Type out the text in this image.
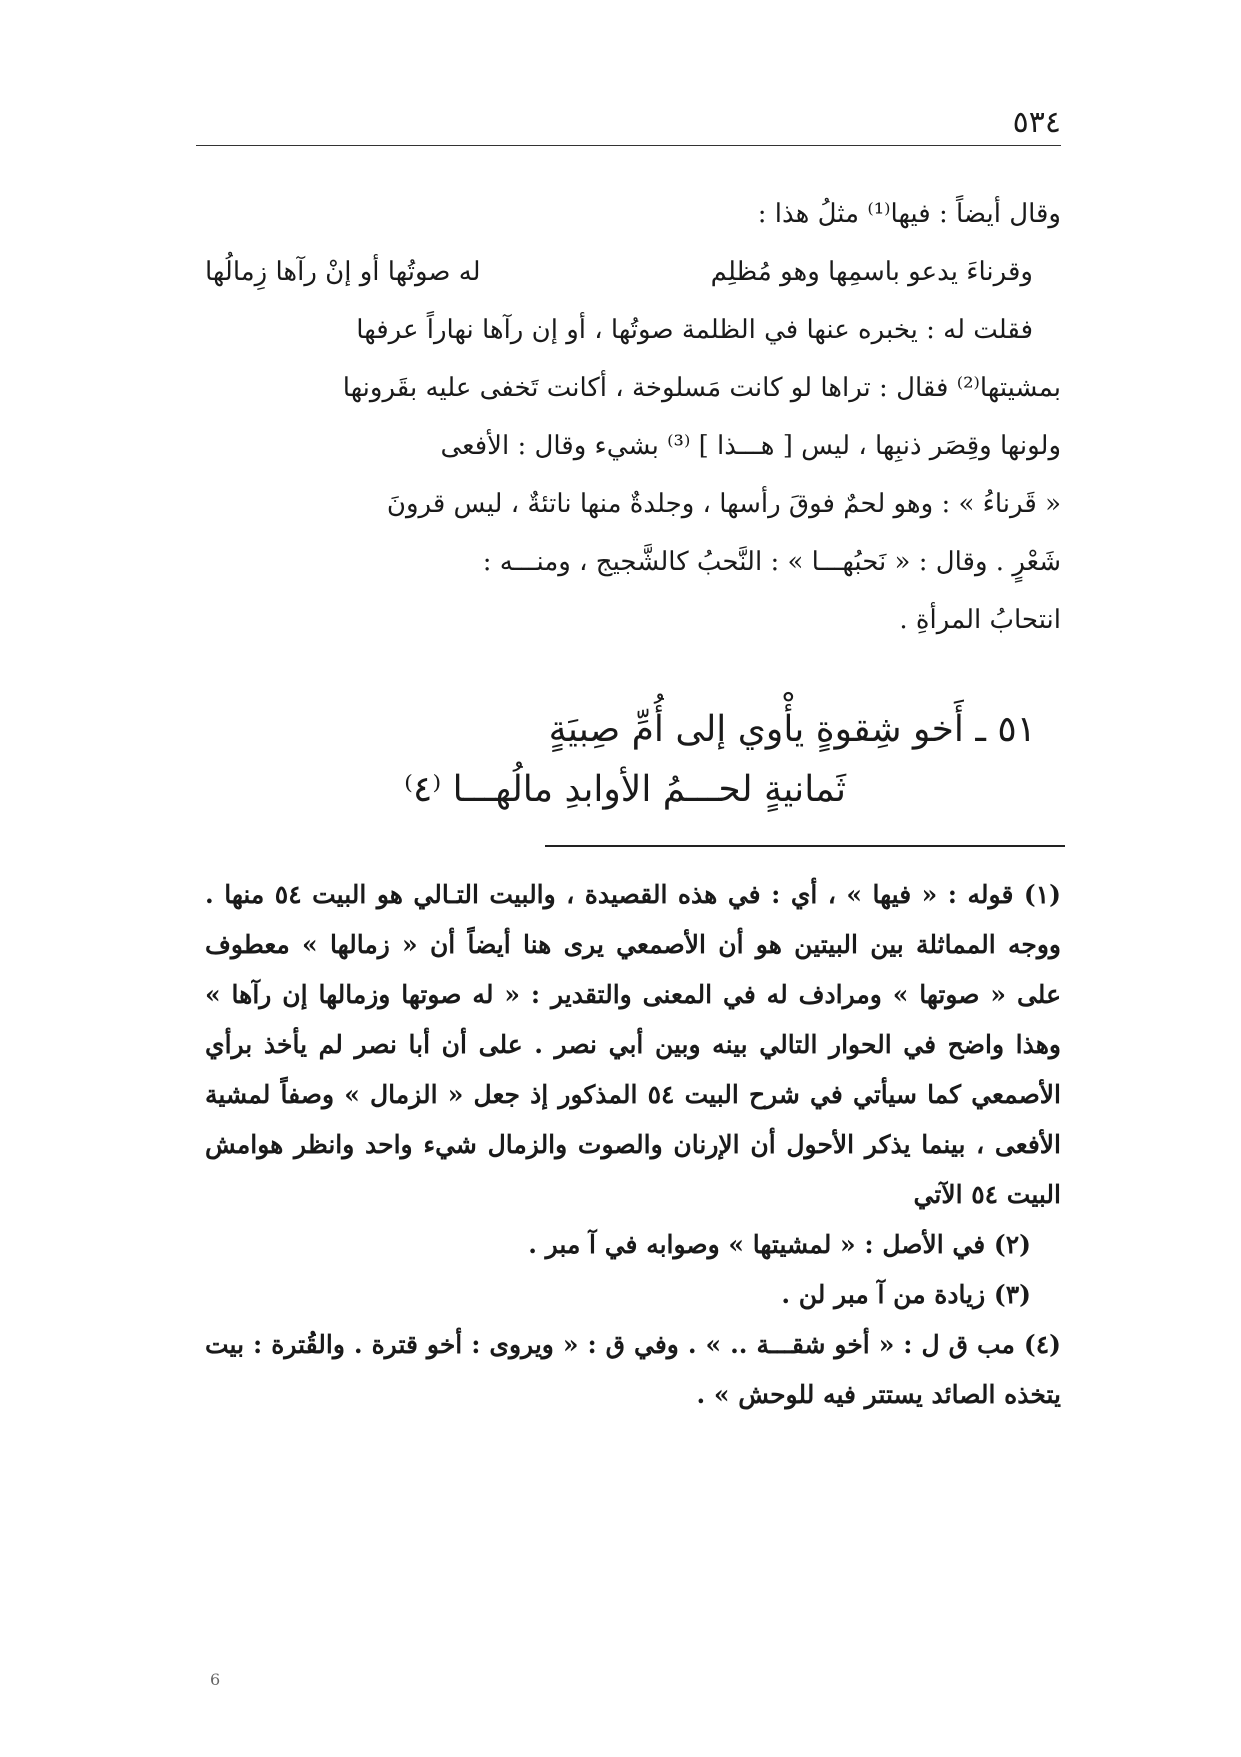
٥٣٤

وقال أيضاً : فيها⁽¹⁾ مثلُ هذا :

وقرناءَ يدعو باسمِها وهو مُظلِم
له صوتُها أو إنْ رآها زِمالُها

فقلت له : يخبره عنها في الظلمة صوتُها ، أو إن رآها نهاراً عرفها

بمشيتها⁽²⁾ فقال : تراها لو كانت مَسلوخة ، أكانت تَخفى عليه بقَرونها

ولونها وقِصَر ذنبِها ، ليس [ هـــذا ] ⁽³⁾ بشيء وقال : الأفعى

« قَرناءُ » : وهو لحمٌ فوقَ رأسها ، وجلدةٌ منها ناتئةٌ ، ليس قرونَ

شَعْرٍ . وقال : « نَحبُهـــا » : النَّحبُ كالشَّجيج ، ومنـــه :

انتحابُ المرأةِ .

٥١ ـ أَخو شِقوةٍ يأْوي إلى أُمِّ صِبيَةٍ
ثَمانيةٍ لحـــمُ الأوابدِ مالُهـــا ⁽٤⁾

(١) قوله : « فيها » ، أي : في هذه القصيدة ، والبيت التـالي هو البيت ٥٤ منها . ووجه المماثلة بين البيتين هو أن الأصمعي يرى هنا أيضاً أن « زمالها » معطوف على « صوتها » ومرادف له في المعنى والتقدير : « له صوتها وزمالها إن رآها » وهذا واضح في الحوار التالي بينه وبين أبي نصر . على أن أبا نصر لم يأخذ برأي الأصمعي كما سيأتي في شرح البيت ٥٤ المذكور إذ جعل « الزمال » وصفاً لمشية الأفعى ، بينما يذكر الأحول أن الإرنان والصوت والزمال شيء واحد وانظر هوامش البيت ٥٤ الآتي

(٢) في الأصل : « لمشيتها » وصوابه في آ مبر .

(٣) زيادة من آ مبر لن .

(٤) مب ق ل : « أخو شقـــة .. » . وفي ق : « ويروى : أخو قترة . والقُترة : بيت يتخذه الصائد يستتر فيه للوحش » .

6
